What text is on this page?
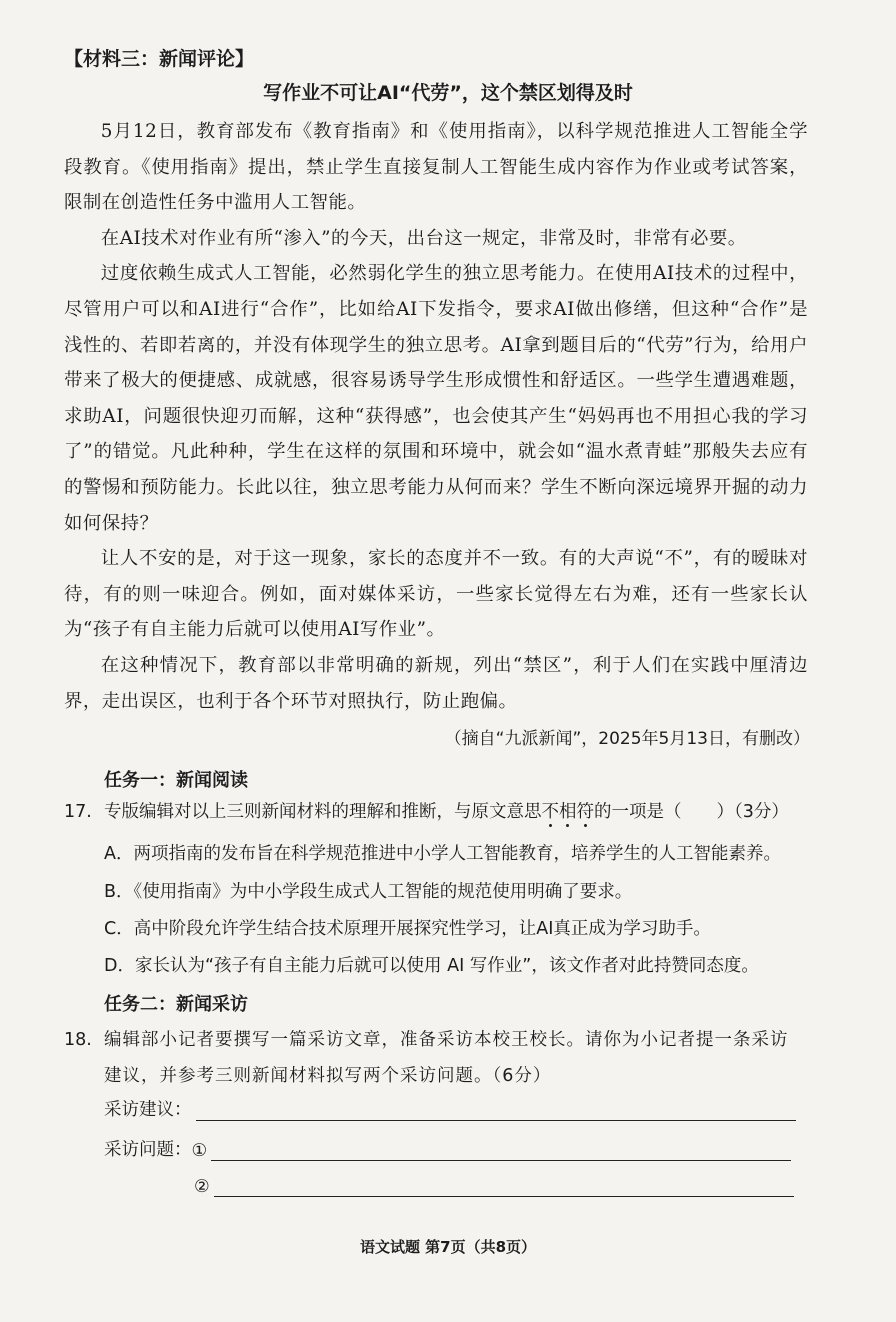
【材料三：新闻评论】
写作业不可让AI“代劳”，这个禁区划得及时

5月12日，教育部发布《教育指南》和《使用指南》，以科学规范推进人工智能全学段教育。《使用指南》提出，禁止学生直接复制人工智能生成内容作为作业或考试答案，限制在创造性任务中滥用人工智能。

在AI技术对作业有所“渗入”的今天，出台这一规定，非常及时，非常有必要。

过度依赖生成式人工智能，必然弱化学生的独立思考能力。在使用AI技术的过程中，尽管用户可以和AI进行“合作”，比如给AI下发指令，要求AI做出修缮，但这种“合作”是浅性的、若即若离的，并没有体现学生的独立思考。AI拿到题目后的“代劳”行为，给用户带来了极大的便捷感、成就感，很容易诱导学生形成惯性和舒适区。一些学生遭遇难题，求助AI，问题很快迎刃而解，这种“获得感”，也会使其产生“妈妈再也不用担心我的学习了”的错觉。凡此种种，学生在这样的氛围和环境中，就会如“温水煮青蛙”那般失去应有的警惕和预防能力。长此以往，独立思考能力从何而来？学生不断向深远境界开掘的动力如何保持？

让人不安的是，对于这一现象，家长的态度并不一致。有的大声说“不”，有的暧昧对待，有的则一味迎合。例如，面对媒体采访，一些家长觉得左右为难，还有一些家长认为“孩子有自主能力后就可以使用AI写作业”。

在这种情况下，教育部以非常明确的新规，列出“禁区”，利于人们在实践中厘清边界，走出误区，也利于各个环节对照执行，防止跑偏。

（摘自“九派新闻”，2025年5月13日，有删改）
任务一：新闻阅读
17. 专版编辑对以上三则新闻材料的理解和推断，与原文意思不相符的一项是（　　）（3分）
A．两项指南的发布旨在科学规范推进中小学人工智能教育，培养学生的人工智能素养。
B．《使用指南》为中小学段生成式人工智能的规范使用明确了要求。
C．高中阶段允许学生结合技术原理开展探究性学习，让AI真正成为学习助手。
D．家长认为“孩子有自主能力后就可以使用 AI 写作业”，该文作者对此持赞同态度。
任务二：新闻采访
18. 编辑部小记者要撰写一篇采访文章，准备采访本校王校长。请你为小记者提一条采访建议，并参考三则新闻材料拟写两个采访问题。（6分）
采访建议：
采访问题： ①
②
语文试题 第7页（共8页）
